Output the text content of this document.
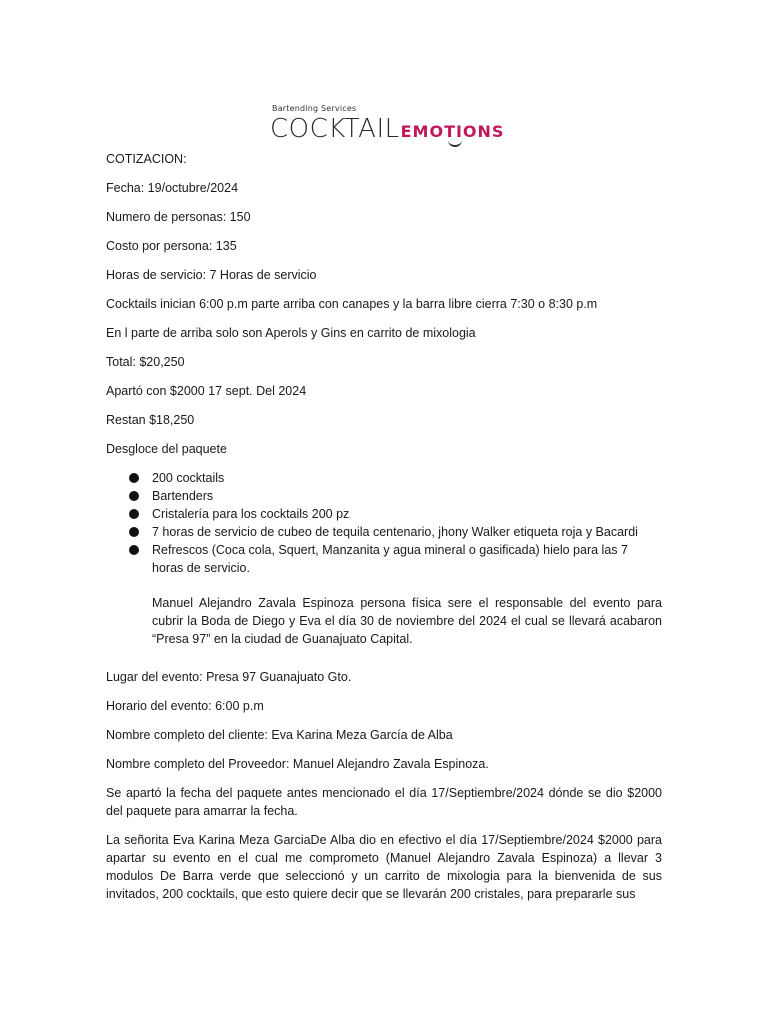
Bartending Services
COCKTAILEMOTIONS

COTIZACION:

Fecha: 19/octubre/2024

Numero de personas: 150

Costo por persona: 135

Horas de servicio: 7 Horas de servicio

Cocktails inician 6:00 p.m parte arriba con canapes y la barra libre cierra 7:30 o 8:30 p.m

En l parte de arriba solo son Aperols y Gins en carrito de mixologia

Total: $20,250

Apartó con $2000 17 sept. Del 2024

Restan $18,250

Desgloce del paquete

200 cocktails
Bartenders
Cristalería para los cocktails 200 pz
7 horas de servicio de cubeo de tequila centenario, jhony Walker etiqueta roja y Bacardi
Refrescos (Coca cola, Squert, Manzanita y agua mineral o gasificada) hielo para las 7 horas de servicio.

Manuel Alejandro Zavala Espinoza persona física sere el responsable del evento para cubrir la Boda de Diego y Eva el día 30 de noviembre del 2024 el cual se llevará acabaron “Presa 97” en la ciudad de Guanajuato Capital.

Lugar del evento: Presa 97 Guanajuato Gto.

Horario del evento: 6:00 p.m

Nombre completo del cliente: Eva Karina Meza García de Alba

Nombre completo del Proveedor: Manuel Alejandro Zavala Espinoza.

Se apartó la fecha del paquete antes mencionado el día 17/Septiembre/2024 dónde se dio $2000 del paquete para amarrar la fecha.

La señorita Eva Karina Meza GarciaDe Alba dio en efectivo el día 17/Septiembre/2024 $2000 para apartar su evento en el cual me comprometo (Manuel Alejandro Zavala Espinoza) a llevar 3 modulos De Barra verde que seleccionó y un carrito de mixologia para la bienvenida de sus invitados, 200 cocktails, que esto quiere decir que se llevarán 200 cristales, para prepararle sus
